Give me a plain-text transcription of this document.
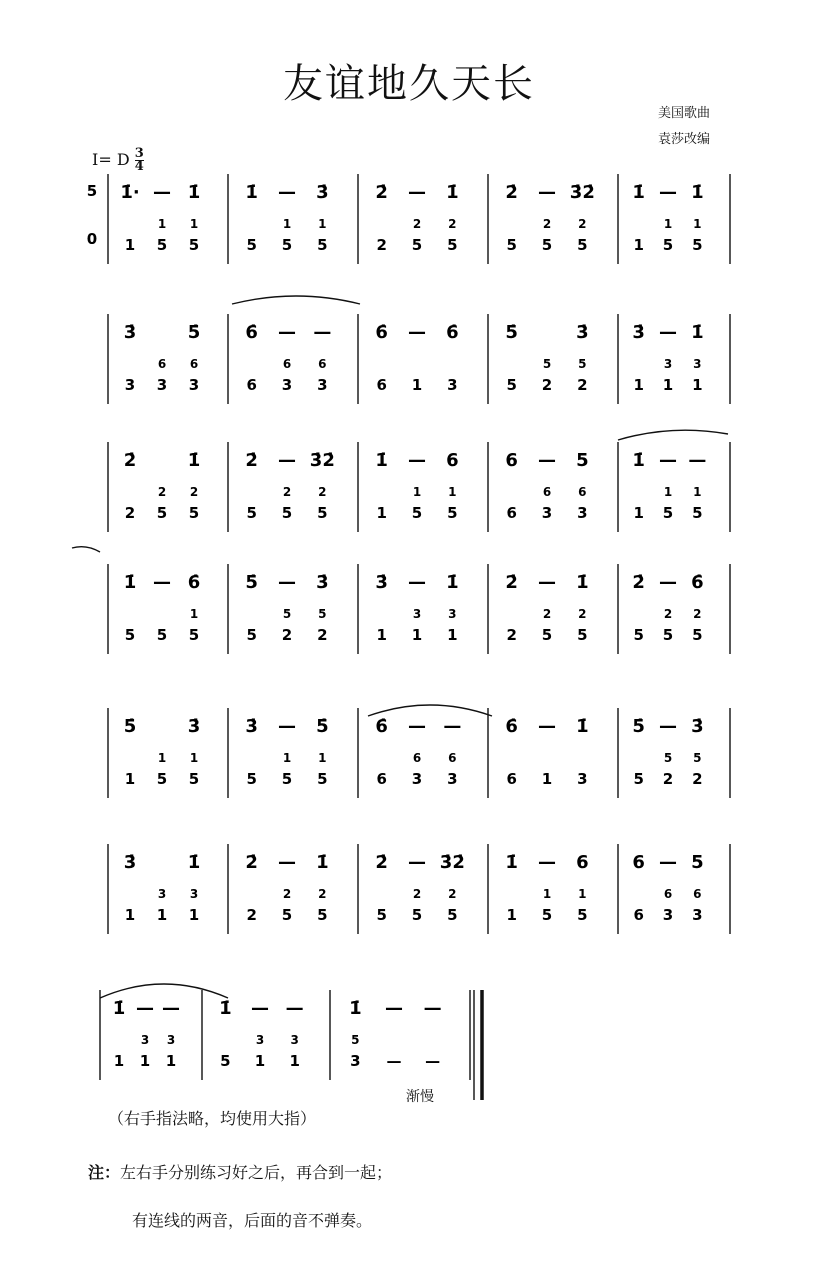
友谊地久天长
美国歌曲
袁莎改编
I= D $\frac{3}{4}$
5
0
1̇· — 1̇
1 1
1 5 5
1̇ — 3̇
1 1
5 5 5
2̇ — 1̇
2 2
2 5 5
2̇ — 3̇2̇
2 2
5 5 5
1̇ — 1̇
1 1
1 5 5
3̇	5̇
6 6
3 3 3
6̇ — —
6 6
6 3 3
6̇ — 6̇
6 1 3
5̇	3̇
5 5
5 2 2
3̇ — 1̇
3 3
1 1 1
2̇	1̇
2 2
2 5 5
2̇ — 3̇2̇
2 2
5 5 5
1̇ — 6
1 1
1 5 5
6 — 5
6 6
6 3 3
1̇ — —
1 1
1 5 5
1̇ — 6̇
1
5 5 5
5̇ — 3̇
5 5
5 2 2
3̇ — 1̇
3 3
1 1 1
2̇ — 1̇
2 2
2 5 5
2̇ — 6̇
2 2
5 5 5
5̇	3̇
1 1
1 5 5
3̇ — 5̇
1 1
5 5 5
6̇ — —
6 6
6 3 3
6̇ — 1̇
6 1 3
5̇ — 3̇
5 5
5 2 2
3̇	1̇
3 3
1 1 1
2̇ — 1̇
2 2
2 5 5
2̇ — 3̇2̇
2 2
5 5 5
1̇ — 6
1 1
1 5 5
6 — 5
6 6
6 3 3
1̇ — —
3 3
1 1 1
1̇ — —
3 3
5 1 1
1̇ — —
5
3 — —
渐慢
（右手指法略，均使用大指）
注：左右手分别练习好之后，再合到一起；
有连线的两音，后面的音不弹奏。
